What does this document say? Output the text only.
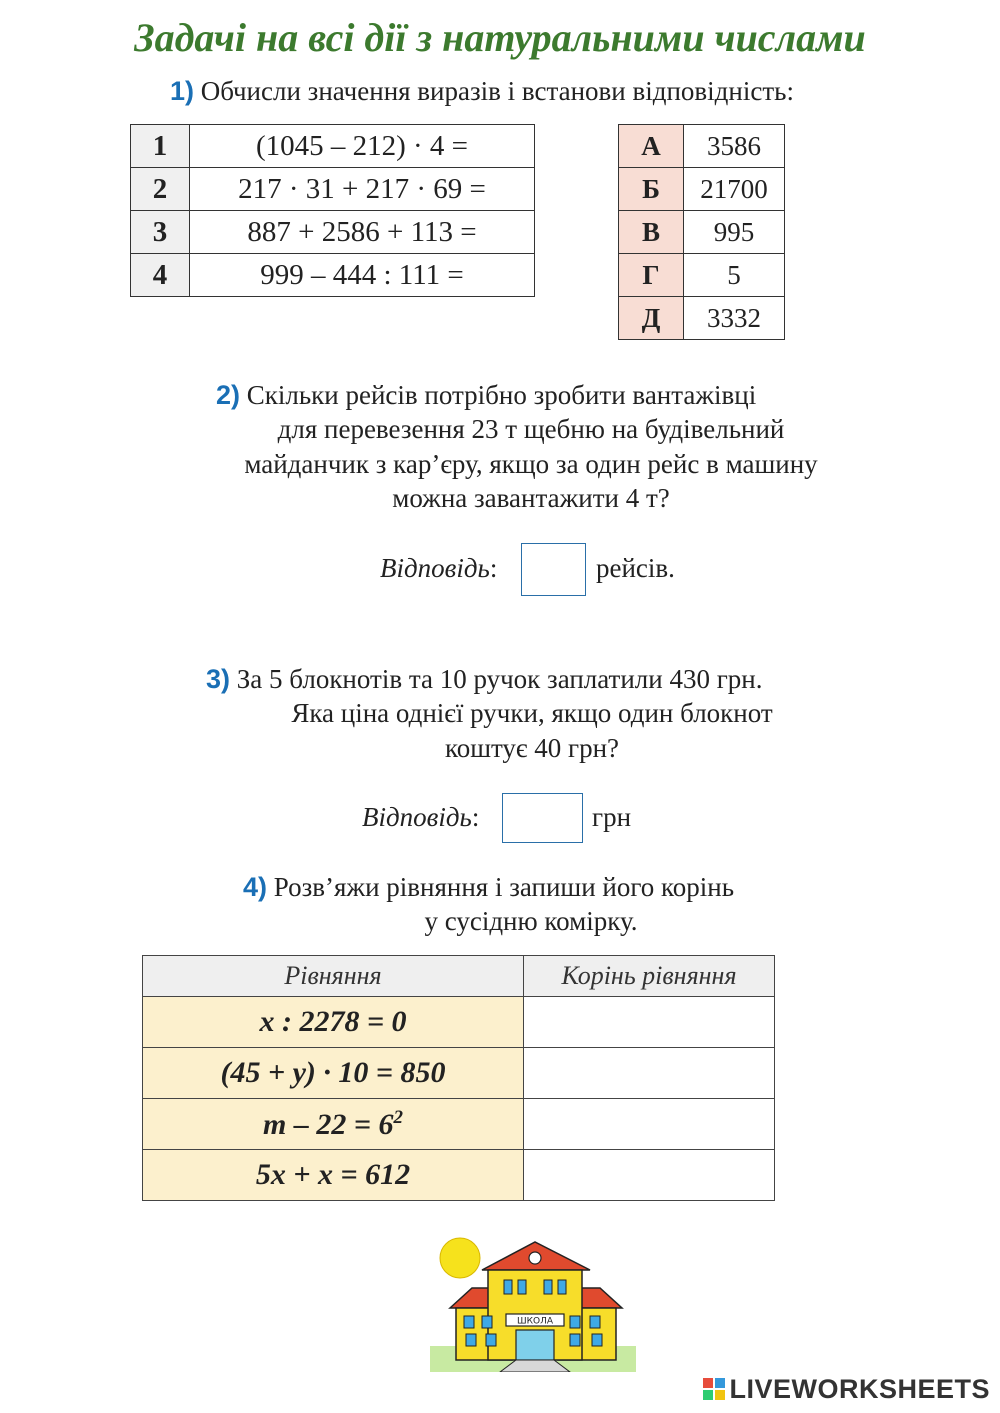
Задачі на всі дії з натуральними числами
1) Обчисли значення виразів і встанови відповідність:
1	(1045 – 212) · 4 =
2	217 · 31 + 217 · 69 =
3	887 + 2586 + 113 =
4	999 – 444 : 111 =
А	3586
Б	21700
В	995
Г	5
Д	3332
2) Скільки рейсів потрібно зробити вантажівці
для перевезення 23 т щебню на будівельний
майданчик з кар’єру, якщо за один рейс в машину
можна завантажити 4 т?
Відповідь:	рейсів.
3) За 5 блокнотів та 10 ручок заплатили 430 грн.
Яка ціна однієї ручки, якщо один блокнот
коштує 40 грн?
Відповідь:	грн
4) Розв’яжи рівняння і запиши його корінь
у сусідню комірку.
Рівняння	Корінь рівняння
x : 2278 = 0	
(45 + y) · 10 = 850	
$m - 22 = 6^2$	
5x + x = 612	
ШКОЛА
LIVEWORKSHEETS
